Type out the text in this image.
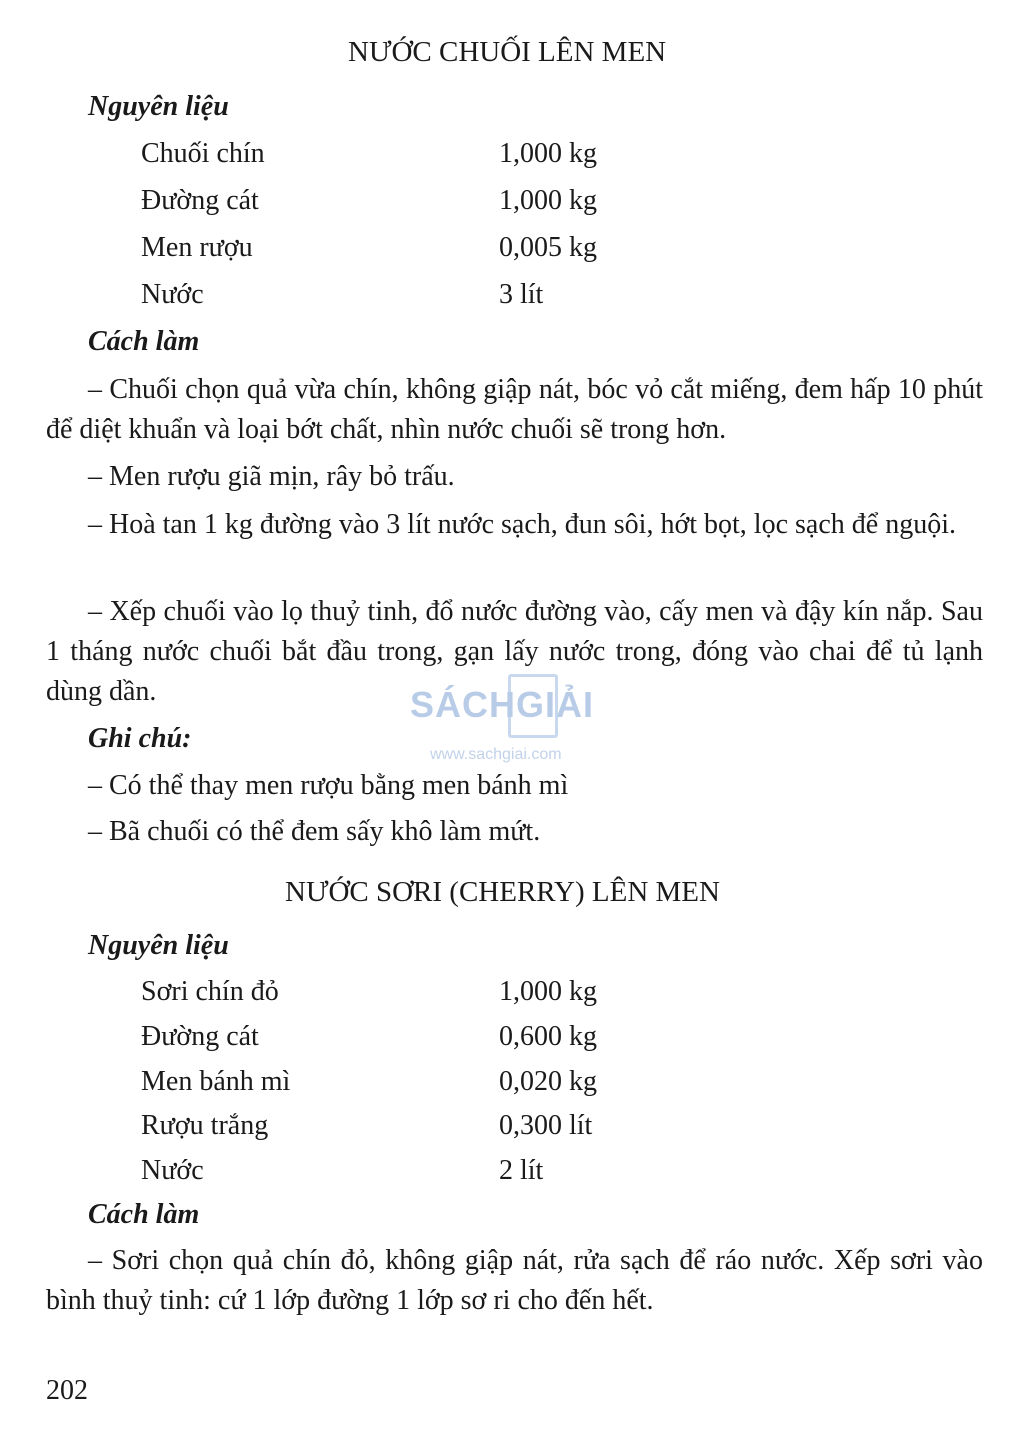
NƯỚC CHUỐI LÊN MEN

Nguyên liệu

Chuối chín	1,000 kg
Đường cát	1,000 kg
Men rượu	0,005 kg
Nước	3 lít

Cách làm

– Chuối chọn quả vừa chín, không giập nát, bóc vỏ cắt miếng, đem hấp 10 phút để diệt khuẩn và loại bớt chất, nhìn nước chuối sẽ trong hơn.

– Men rượu giã mịn, rây bỏ trấu.

– Hoà tan 1 kg đường vào 3 lít nước sạch, đun sôi, hớt bọt, lọc sạch để nguội.

– Xếp chuối vào lọ thuỷ tinh, đổ nước đường vào, cấy men và đậy kín nắp. Sau 1 tháng nước chuối bắt đầu trong, gạn lấy nước trong, đóng vào chai để tủ lạnh dùng dần.	SÁCHGIẢI
www.sachgiai.com

Ghi chú:

– Có thể thay men rượu bằng men bánh mì

– Bã chuối có thể đem sấy khô làm mứt.

NƯỚC SƠRI (CHERRY) LÊN MEN

Nguyên liệu

Sơri chín đỏ	1,000 kg
Đường cát	0,600 kg
Men bánh mì	0,020 kg
Rượu trắng	0,300 lít
Nước	2 lít

Cách làm

– Sơri chọn quả chín đỏ, không giập nát, rửa sạch để ráo nước. Xếp sơri vào bình thuỷ tinh: cứ 1 lớp đường 1 lớp sơ ri cho đến hết.

202
